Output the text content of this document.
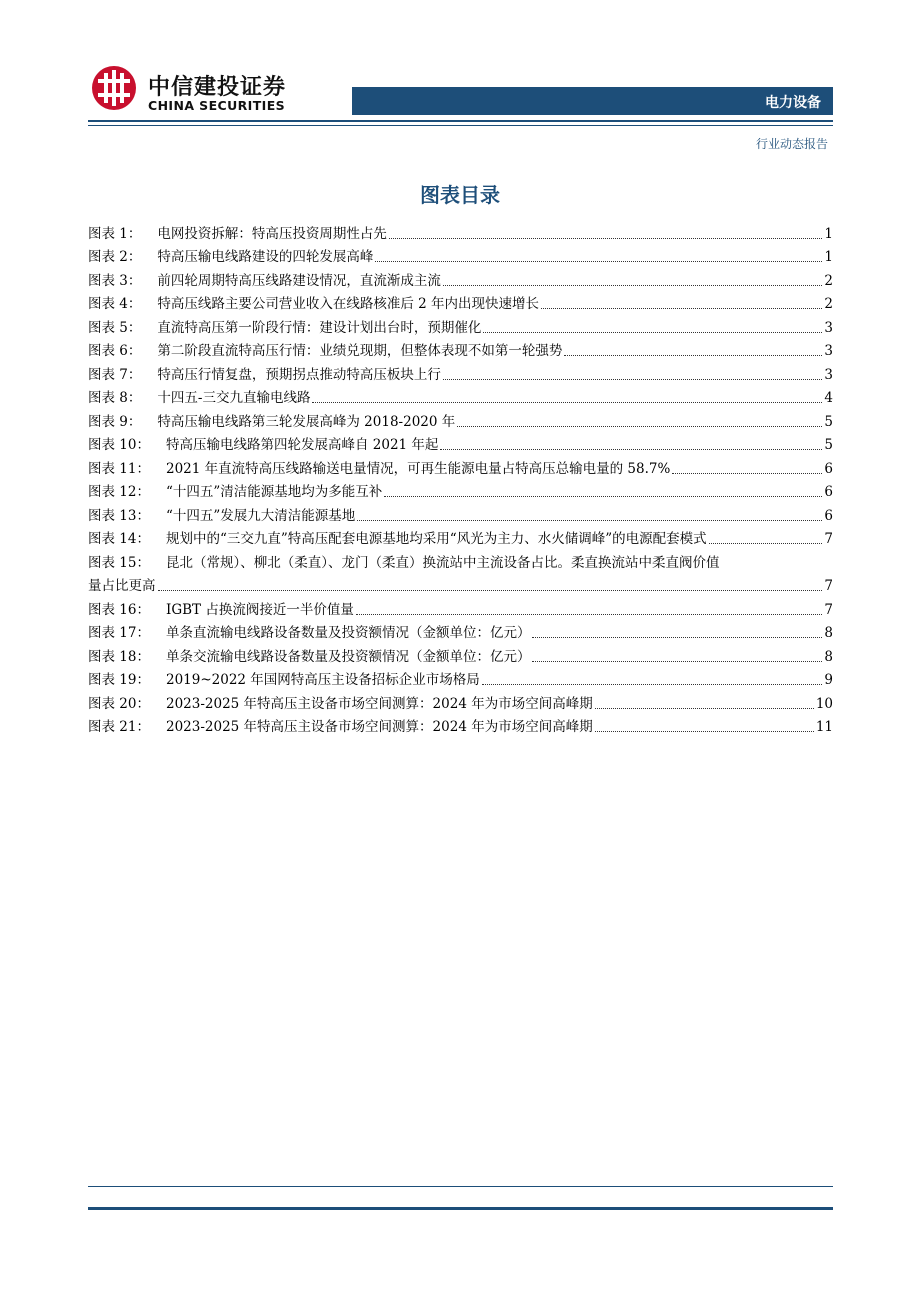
中信建投证券
CHINA SECURITIES	电力设备
行业动态报告
图表目录
图表 1： 电网投资拆解：特高压投资周期性占先	1
图表 2： 特高压输电线路建设的四轮发展高峰	1
图表 3： 前四轮周期特高压线路建设情况，直流渐成主流	2
图表 4： 特高压线路主要公司营业收入在线路核准后 2 年内出现快速增长	2
图表 5： 直流特高压第一阶段行情：建设计划出台时，预期催化	3
图表 6： 第二阶段直流特高压行情：业绩兑现期，但整体表现不如第一轮强势	3
图表 7： 特高压行情复盘，预期拐点推动特高压板块上行	3
图表 8： 十四五-三交九直输电线路	4
图表 9： 特高压输电线路第三轮发展高峰为 2018-2020 年	5
图表 10： 特高压输电线路第四轮发展高峰自 2021 年起	5
图表 11： 2021 年直流特高压线路输送电量情况，可再生能源电量占特高压总输电量的 58.7%	6
图表 12： “十四五”清洁能源基地均为多能互补	6
图表 13： “十四五”发展九大清洁能源基地	6
图表 14： 规划中的“三交九直”特高压配套电源基地均采用“风光为主力、水火储调峰”的电源配套模式	7
图表 15： 昆北（常规）、柳北（柔直）、龙门（柔直）换流站中主流设备占比。柔直换流站中柔直阀价值
量占比更高	7
图表 16： IGBT 占换流阀接近一半价值量	7
图表 17： 单条直流输电线路设备数量及投资额情况（金额单位：亿元）	8
图表 18： 单条交流输电线路设备数量及投资额情况（金额单位：亿元）	8
图表 19： 2019~2022 年国网特高压主设备招标企业市场格局	9
图表 20： 2023-2025 年特高压主设备市场空间测算：2024 年为市场空间高峰期	10
图表 21： 2023-2025 年特高压主设备市场空间测算：2024 年为市场空间高峰期	11
